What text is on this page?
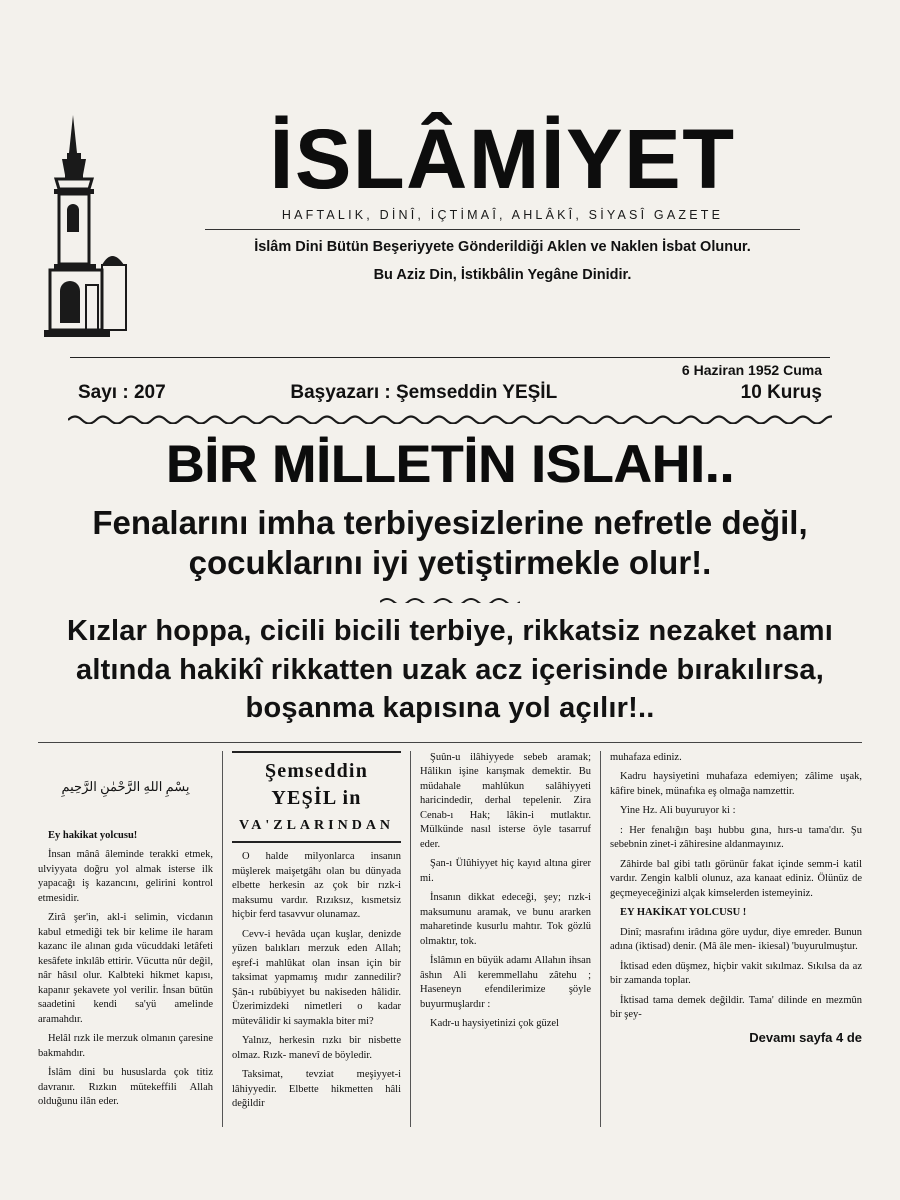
İSLÂMİYET
HAFTALIK, DİNÎ, İÇTİMAÎ, AHLÂKÎ, SİYASÎ GAZETE
İslâm Dini Bütün Beşeriyyete Gönderildiği Aklen ve Naklen İsbat Olunur.
Bu Aziz Din, İstikbâlin Yegâne Dinidir.
Sayı : 207	Başyazarı : Şemseddin YEŞİL
6 Haziran 1952 Cuma
10 Kuruş
BİR MİLLETİN ISLAHI..
Fenalarını imha terbiyesizlerine nefretle değil, çocuklarını iyi yetiştirmekle olur!.
Kızlar hoppa, cicili bicili terbiye, rikkatsiz nezaket namı altında hakikî rikkatten uzak acz içerisinde bırakılırsa, boşanma kapısına yol açılır!..
بِسْمِ اللهِ الرَّحْمٰنِ الرَّحِيمِ

Ey hakikat yolcusu!

İnsan mânâ âleminde terakki etmek, ulviyyata doğru yol almak isterse ilk yapacağı iş kazancını, gelirini kontrol etmesidir.

Zirâ şer'in, akl-i selimin, vicdanın kabul etmediği tek bir kelime ile haram kazanc ile alınan gıda vücuddaki letâfeti kesâfete inkılâb ettirir. Vücutta nûr değil, nâr hâsıl olur. Kalbteki hikmet kapısı, kapanır şekavete yol verilir. İnsan bütün saadetini kendi sa'yü amelinde aramahdır.

Helâl rızk ile merzuk olmanın çaresine bakmahdır.

İslâm dini bu hususlarda çok titiz davranır. Rızkın mütekeffili Allah olduğunu ilân eder.

Şemseddin YEŞİL in
VA'ZLARINDAN

O halde milyonlarca insanın müşlerek maişetgâhı olan bu dünyada elbette herkesin az çok bir rızk-i maksumu vardır. Rızıksız, kısmetsiz hiçbir ferd tasavvur olunamaz.

Cevv-i hevâda uçan kuşlar, denizde yüzen balıkları merzuk eden Allah; eşref-i mahlûkat olan insan için bir taksimat yapmamış mıdır zannedilir? Şân-ı rubûbiyyet bu nakiseden hâlidir. Üzerimizdeki nimetleri o kadar mütevâlidir ki saymakla biter mi?

Yalnız, herkesin rızkı bir nisbette olmaz. Rızk- manevî de böyledir.

Taksimat, tevziat meşiyyet-i lâhiyyedir. Elbette hikmetten hâli değildir

Şuûn-u ilâhiyyede sebeb aramak; Hâlikın işine karışmak demektir. Bu müdahale mahlûkun salâhiyyeti haricindedir, derhal tepelenir. Zira Cenab-ı Hak; lâkin-i mutlaktır. Mülkünde nasıl isterse öyle tasarruf eder.

Şan-ı Ülûhiyyet hiç kayıd altına girer mi.

İnsanın dikkat edeceği, şey; rızk-i maksumunu aramak, ve bunu ararken maharetinde kusurlu mahtır. Tok gözlü olmaktır, tok.

İslâmın en büyük adamı Allahın ihsan âshın Ali keremmellahu zâtehu ; Haseneyn efendilerimize şöyle buyurmuşlardır :

Kadr-u haysiyetinizi çok güzel

muhafaza ediniz.

Kadru haysiyetini muhafaza edemiyen; zâlime uşak, kâfire binek, münafıka eş olmağa namzettir.

Yine Hz. Ali buyuruyor ki :

: Her fenalığın başı hubbu gına, hırs-u tama'dır. Şu sebebnin zinet-i zâhiresine aldanmayınız.

Zâhirde bal gibi tatlı görünür fakat içinde semm-i katil vardır. Zengin kalbli olunuz, aza kanaat ediniz. Ölünüz de geçmeyeceğinizi alçak kimselerden istemeyiniz.

EY HAKİKAT YOLCUSU !

Dinî; masrafını irâdına göre uydur, diye emreder. Bunun adına (iktisad) denir. (Mâ âle men- ikiesal) 'buyurulmuştur.

İktisad eden düşmez, hiçbir vakit sıkılmaz. Sıkılsa da az bir zamanda toplar.

İktisad tama demek değildir. Tama' dilinde en mezmûn bir şey-

Devamı sayfa 4 de
